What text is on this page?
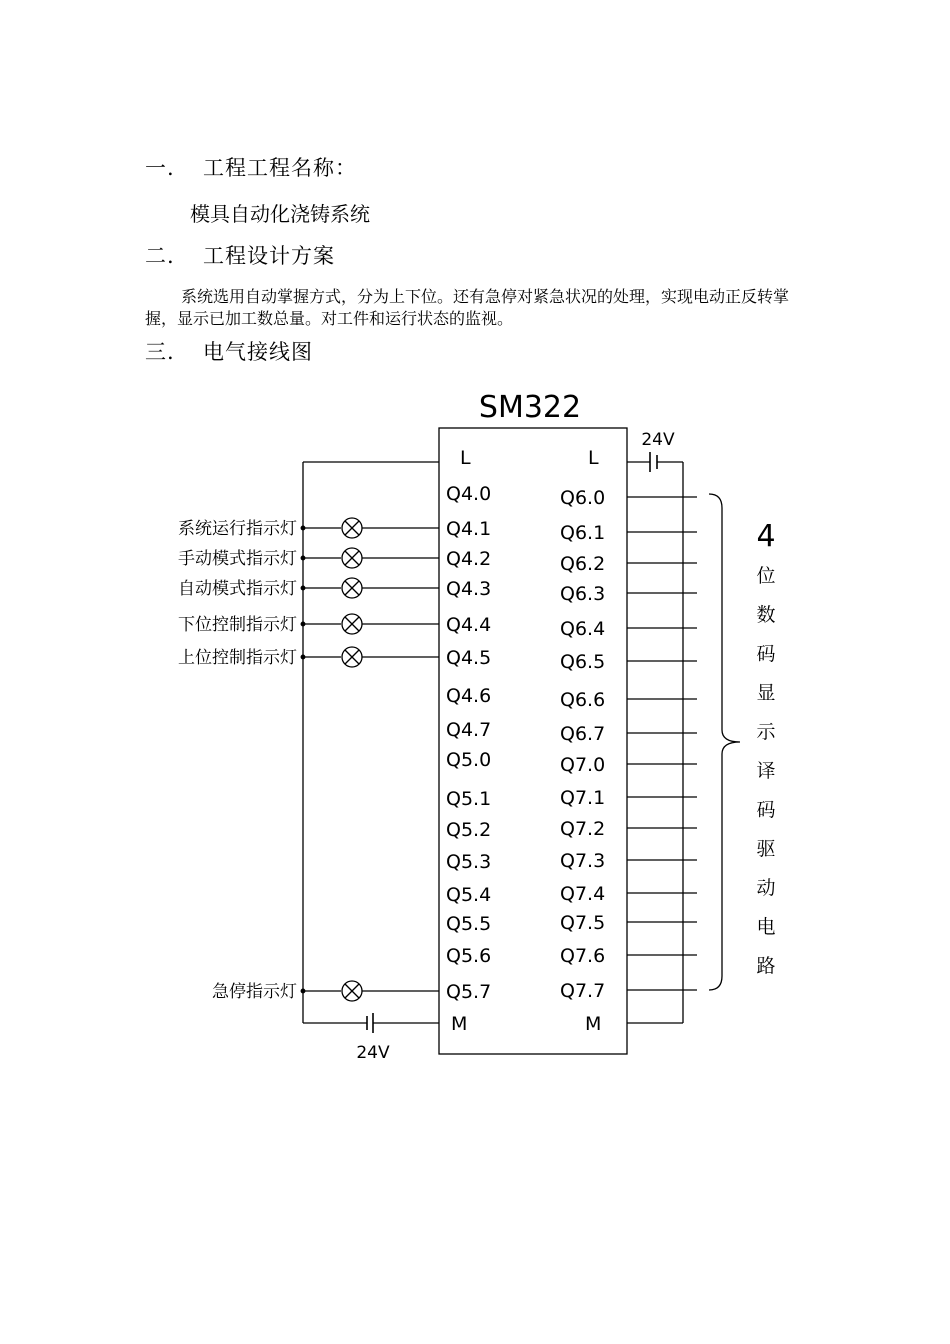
一. 工程工程名称：
模具自动化浇铸系统
二. 工程设计方案
系统选用自动掌握方式，分为上下位。还有急停对紧急状况的处理，实现电动正反转掌握，显示已加工数总量。对工件和运行状态的监视。
三. 电气接线图
SM322
24V
24V
L	L
M	M
Q4.0
Q4.1
Q4.2
Q4.3
Q4.4
Q4.5
Q4.6
Q4.7
Q5.0
Q5.1
Q5.2
Q5.3
Q5.4
Q5.5
Q5.6
Q5.7
Q6.0
Q6.1
Q6.2
Q6.3
Q6.4
Q6.5
Q6.6
Q6.7
Q7.0
Q7.1
Q7.2
Q7.3
Q7.4
Q7.5
Q7.6
Q7.7
系统运行指示灯
手动模式指示灯
自动模式指示灯
下位控制指示灯
上位控制指示灯
急停指示灯
4
位
数
码
显
示
译
码
驱
动
电
路
